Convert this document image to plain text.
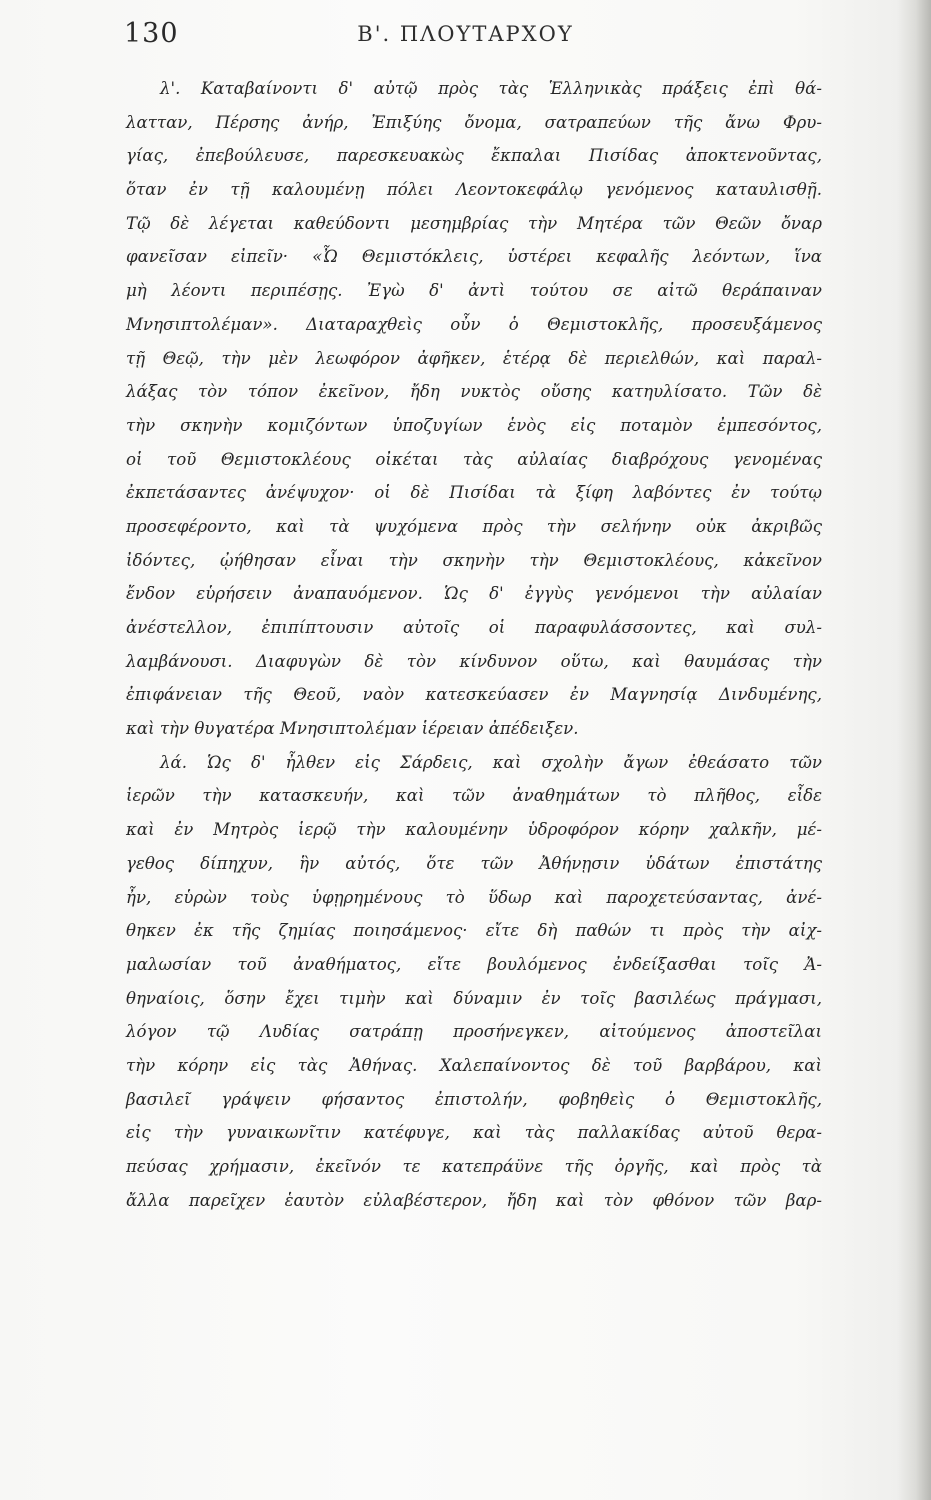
130	Β'. ΠΛΟΥΤΑΡΧΟΥ
λ'. Καταβαίνοντι δ' αὐτῷ πρὸς τὰς Ἑλληνικὰς πράξεις ἐπὶ θά-
λατταν, Πέρσης ἀνήρ, Ἐπιξύης ὄνομα, σατραπεύων τῆς ἄνω Φρυ-
γίας, ἐπεβούλευσε, παρεσκευακὼς ἔκπαλαι Πισίδας ἀποκτενοῦντας,
ὅταν ἐν τῇ καλουμένῃ πόλει Λεοντοκεφάλῳ γενόμενος καταυλισθῇ.
Τῷ δὲ λέγεται καθεύδοντι μεσημβρίας τὴν Μητέρα τῶν Θεῶν ὄναρ
φανεῖσαν εἰπεῖν· «Ὦ Θεμιστόκλεις, ὑστέρει κεφαλῆς λεόντων, ἵνα
μὴ λέοντι περιπέσῃς. Ἐγὼ δ' ἀντὶ τούτου σε αἰτῶ θεράπαιναν
Μνησιπτολέμαν». Διαταραχθεὶς οὖν ὁ Θεμιστοκλῆς, προσευξάμενος
τῇ Θεῷ, τὴν μὲν λεωφόρον ἀφῆκεν, ἑτέρᾳ δὲ περιελθών, καὶ παραλ-
λάξας τὸν τόπον ἐκεῖνον, ἤδη νυκτὸς οὔσης κατηυλίσατο. Τῶν δὲ
τὴν σκηνὴν κομιζόντων ὑποζυγίων ἑνὸς εἰς ποταμὸν ἐμπεσόντος,
οἱ τοῦ Θεμιστοκλέους οἰκέται τὰς αὐλαίας διαβρόχους γενομένας
ἐκπετάσαντες ἀνέψυχον· οἱ δὲ Πισίδαι τὰ ξίφη λαβόντες ἐν τούτῳ
προσεφέροντο, καὶ τὰ ψυχόμενα πρὸς τὴν σελήνην οὐκ ἀκριβῶς
ἰδόντες, ᾠήθησαν εἶναι τὴν σκηνὴν τὴν Θεμιστοκλέους, κἀκεῖνον
ἔνδον εὑρήσειν ἀναπαυόμενον. Ὡς δ' ἐγγὺς γενόμενοι τὴν αὐλαίαν
ἀνέστελλον, ἐπιπίπτουσιν αὐτοῖς οἱ παραφυλάσσοντες, καὶ συλ-
λαμβάνουσι. Διαφυγὼν δὲ τὸν κίνδυνον οὕτω, καὶ θαυμάσας τὴν
ἐπιφάνειαν τῆς Θεοῦ, ναὸν κατεσκεύασεν ἐν Μαγνησίᾳ Δινδυμένης,
καὶ τὴν θυγατέρα Μνησιπτολέμαν ἱέρειαν ἀπέδειξεν.
λά. Ὡς δ' ἦλθεν εἰς Σάρδεις, καὶ σχολὴν ἄγων ἐθεάσατο τῶν
ἱερῶν τὴν κατασκευήν, καὶ τῶν ἀναθημάτων τὸ πλῆθος, εἶδε
καὶ ἐν Μητρὸς ἱερῷ τὴν καλουμένην ὑδροφόρον κόρην χαλκῆν, μέ-
γεθος δίπηχυν, ἣν αὐτός, ὅτε τῶν Ἀθήνῃσιν ὑδάτων ἐπιστάτης
ἦν, εὑρὼν τοὺς ὑφῃρημένους τὸ ὕδωρ καὶ παροχετεύσαντας, ἀνέ-
θηκεν ἐκ τῆς ζημίας ποιησάμενος· εἴτε δὴ παθών τι πρὸς τὴν αἰχ-
μαλωσίαν τοῦ ἀναθήματος, εἴτε βουλόμενος ἐνδείξασθαι τοῖς Ἀ-
θηναίοις, ὅσην ἔχει τιμὴν καὶ δύναμιν ἐν τοῖς βασιλέως πράγμασι,
λόγον τῷ Λυδίας σατράπῃ προσήνεγκεν, αἰτούμενος ἀποστεῖλαι
τὴν κόρην εἰς τὰς Ἀθήνας. Χαλεπαίνοντος δὲ τοῦ βαρβάρου, καὶ
βασιλεῖ γράψειν φήσαντος ἐπιστολήν, φοβηθεὶς ὁ Θεμιστοκλῆς,
εἰς τὴν γυναικωνῖτιν κατέφυγε, καὶ τὰς παλλακίδας αὐτοῦ θερα-
πεύσας χρήμασιν, ἐκεῖνόν τε κατεπράϋνε τῆς ὀργῆς, καὶ πρὸς τὰ
ἄλλα παρεῖχεν ἑαυτὸν εὐλαβέστερον, ἤδη καὶ τὸν φθόνον τῶν βαρ-
